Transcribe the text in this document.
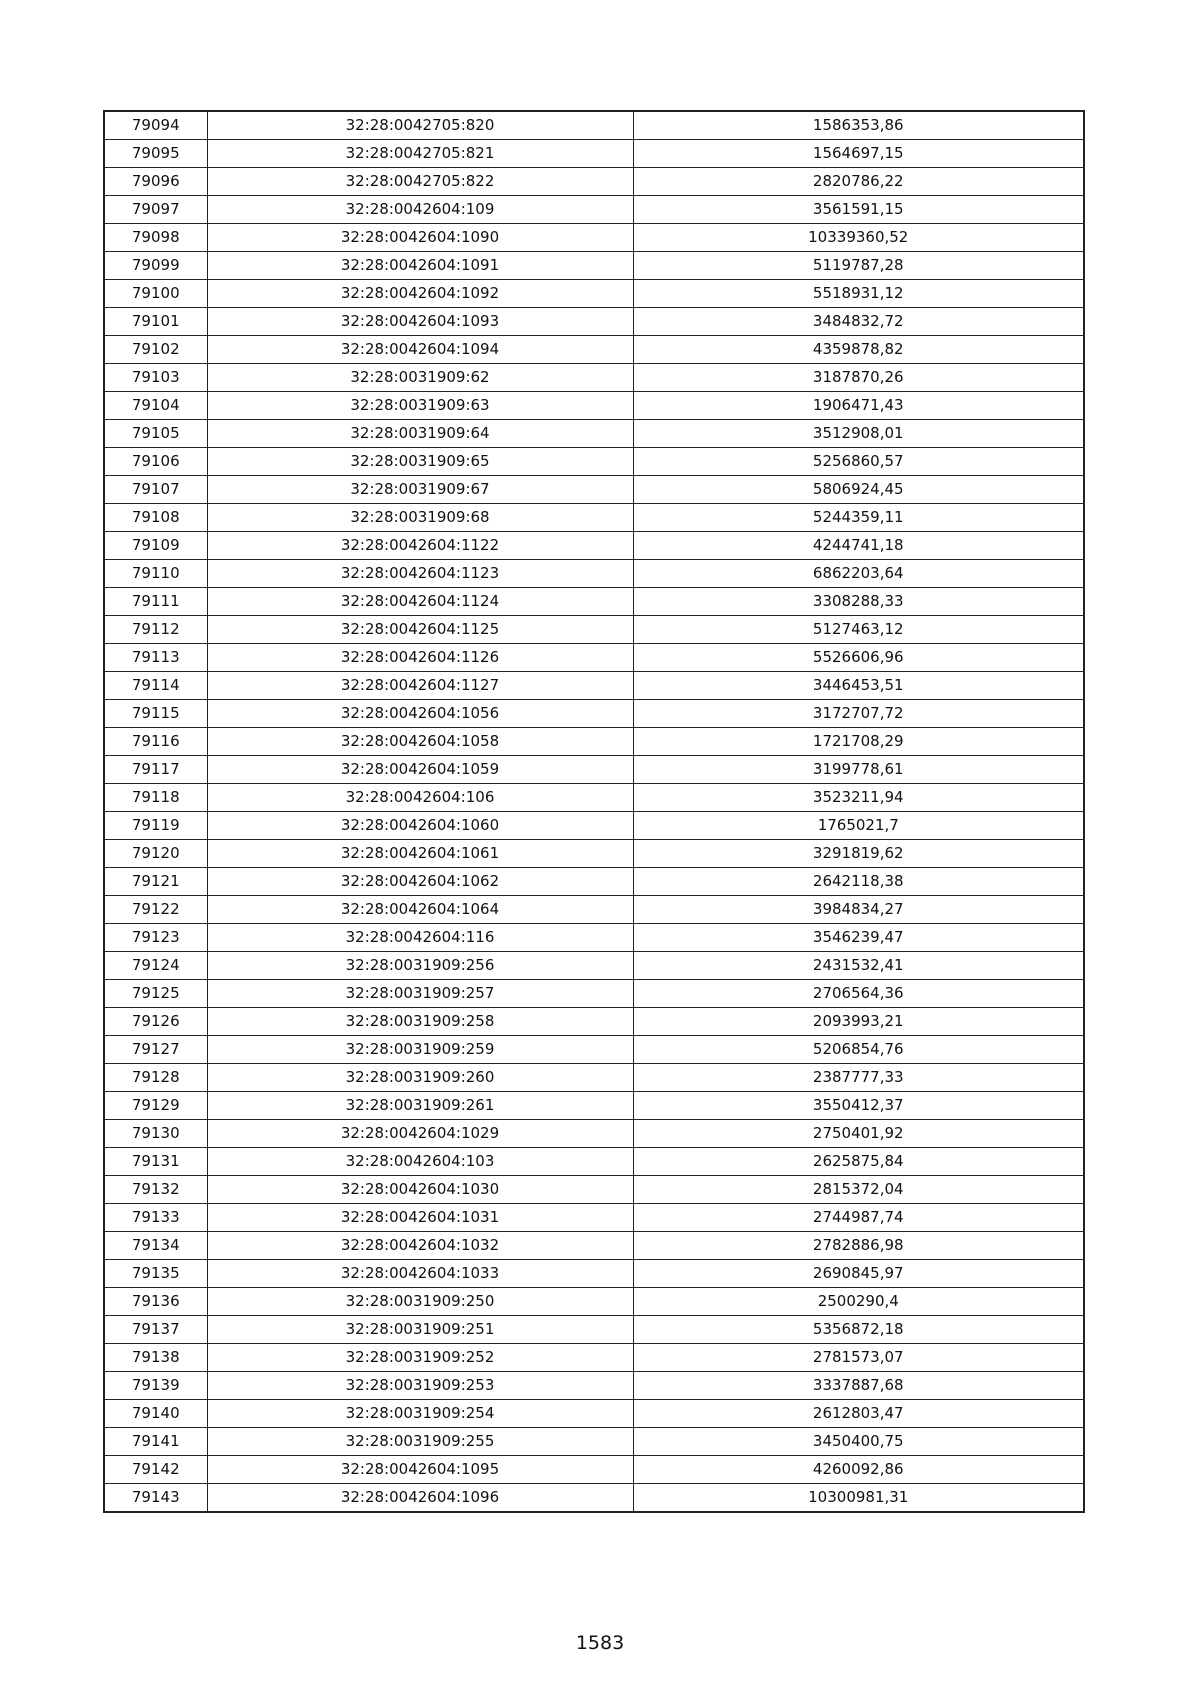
79094	32:28:0042705:820	1586353,86
79095	32:28:0042705:821	1564697,15
79096	32:28:0042705:822	2820786,22
79097	32:28:0042604:109	3561591,15
79098	32:28:0042604:1090	10339360,52
79099	32:28:0042604:1091	5119787,28
79100	32:28:0042604:1092	5518931,12
79101	32:28:0042604:1093	3484832,72
79102	32:28:0042604:1094	4359878,82
79103	32:28:0031909:62	3187870,26
79104	32:28:0031909:63	1906471,43
79105	32:28:0031909:64	3512908,01
79106	32:28:0031909:65	5256860,57
79107	32:28:0031909:67	5806924,45
79108	32:28:0031909:68	5244359,11
79109	32:28:0042604:1122	4244741,18
79110	32:28:0042604:1123	6862203,64
79111	32:28:0042604:1124	3308288,33
79112	32:28:0042604:1125	5127463,12
79113	32:28:0042604:1126	5526606,96
79114	32:28:0042604:1127	3446453,51
79115	32:28:0042604:1056	3172707,72
79116	32:28:0042604:1058	1721708,29
79117	32:28:0042604:1059	3199778,61
79118	32:28:0042604:106	3523211,94
79119	32:28:0042604:1060	1765021,7
79120	32:28:0042604:1061	3291819,62
79121	32:28:0042604:1062	2642118,38
79122	32:28:0042604:1064	3984834,27
79123	32:28:0042604:116	3546239,47
79124	32:28:0031909:256	2431532,41
79125	32:28:0031909:257	2706564,36
79126	32:28:0031909:258	2093993,21
79127	32:28:0031909:259	5206854,76
79128	32:28:0031909:260	2387777,33
79129	32:28:0031909:261	3550412,37
79130	32:28:0042604:1029	2750401,92
79131	32:28:0042604:103	2625875,84
79132	32:28:0042604:1030	2815372,04
79133	32:28:0042604:1031	2744987,74
79134	32:28:0042604:1032	2782886,98
79135	32:28:0042604:1033	2690845,97
79136	32:28:0031909:250	2500290,4
79137	32:28:0031909:251	5356872,18
79138	32:28:0031909:252	2781573,07
79139	32:28:0031909:253	3337887,68
79140	32:28:0031909:254	2612803,47
79141	32:28:0031909:255	3450400,75
79142	32:28:0042604:1095	4260092,86
79143	32:28:0042604:1096	10300981,31
1583
